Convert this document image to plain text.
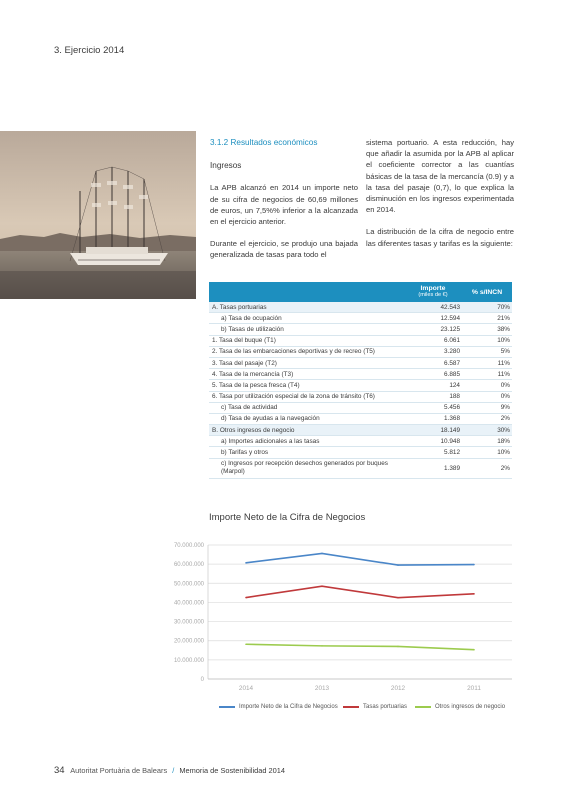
3. Ejercicio 2014
3.1.2 Resultados económicos
Ingresos

La APB alcanzó en 2014 un importe neto de su cifra de negocios de 60,69 millones de euros, un 7,5%% inferior a la alcanzada en el ejercicio anterior.

Durante el ejercicio, se produjo una bajada generalizada de tasas para todo el

sistema portuario. A esta reducción, hay que añadir la asumida por la APB al aplicar el coeficiente corrector a las cuantías básicas de la tasa de la mercancía (0.9) y a la tasa del pasaje (0,7), lo que explica la disminución en los ingresos experimentada en 2014.

La distribución de la cifra de negocio entre las diferentes tasas y tarifas es la siguiente:

Importe
(miles de €)	% s/INCN
A. Tasas portuarias	42.543	70%
a) Tasa de ocupación	12.594	21%
b) Tasas de utilización	23.125	38%
1. Tasa del buque (T1)	6.061	10%
2. Tasa de las embarcaciones deportivas y de recreo (T5)	3.280	5%
3. Tasa del pasaje (T2)	6.587	11%
4. Tasa de la mercancía (T3)	6.885	11%
5. Tasa de la pesca fresca (T4)	124	0%
6. Tasa por utilización especial de la zona de tránsito (T6)	188	0%
c) Tasa de actividad	5.456	9%
d) Tasa de ayudas a la navegación	1.368	2%
B. Otros ingresos de negocio	18.149	30%
a) Importes adicionales a las tasas	10.948	18%
b) Tarifas y otros	5.812	10%
c) Ingresos por recepción desechos generados por buques (Marpol)	1.389	2%
Importe Neto de la Cifra de Negocios
0
10.000.000
20.000.000
30.000.000
40.000.000
50.000.000
60.000.000
70.000.000
2014	2013	2012	2011
Importe Neto de la Cifra de Negocios	Tasas portuarias	Otros ingresos de negocio
34 Autoritat Portuària de Balears / Memoria de Sostenibilidad 2014
